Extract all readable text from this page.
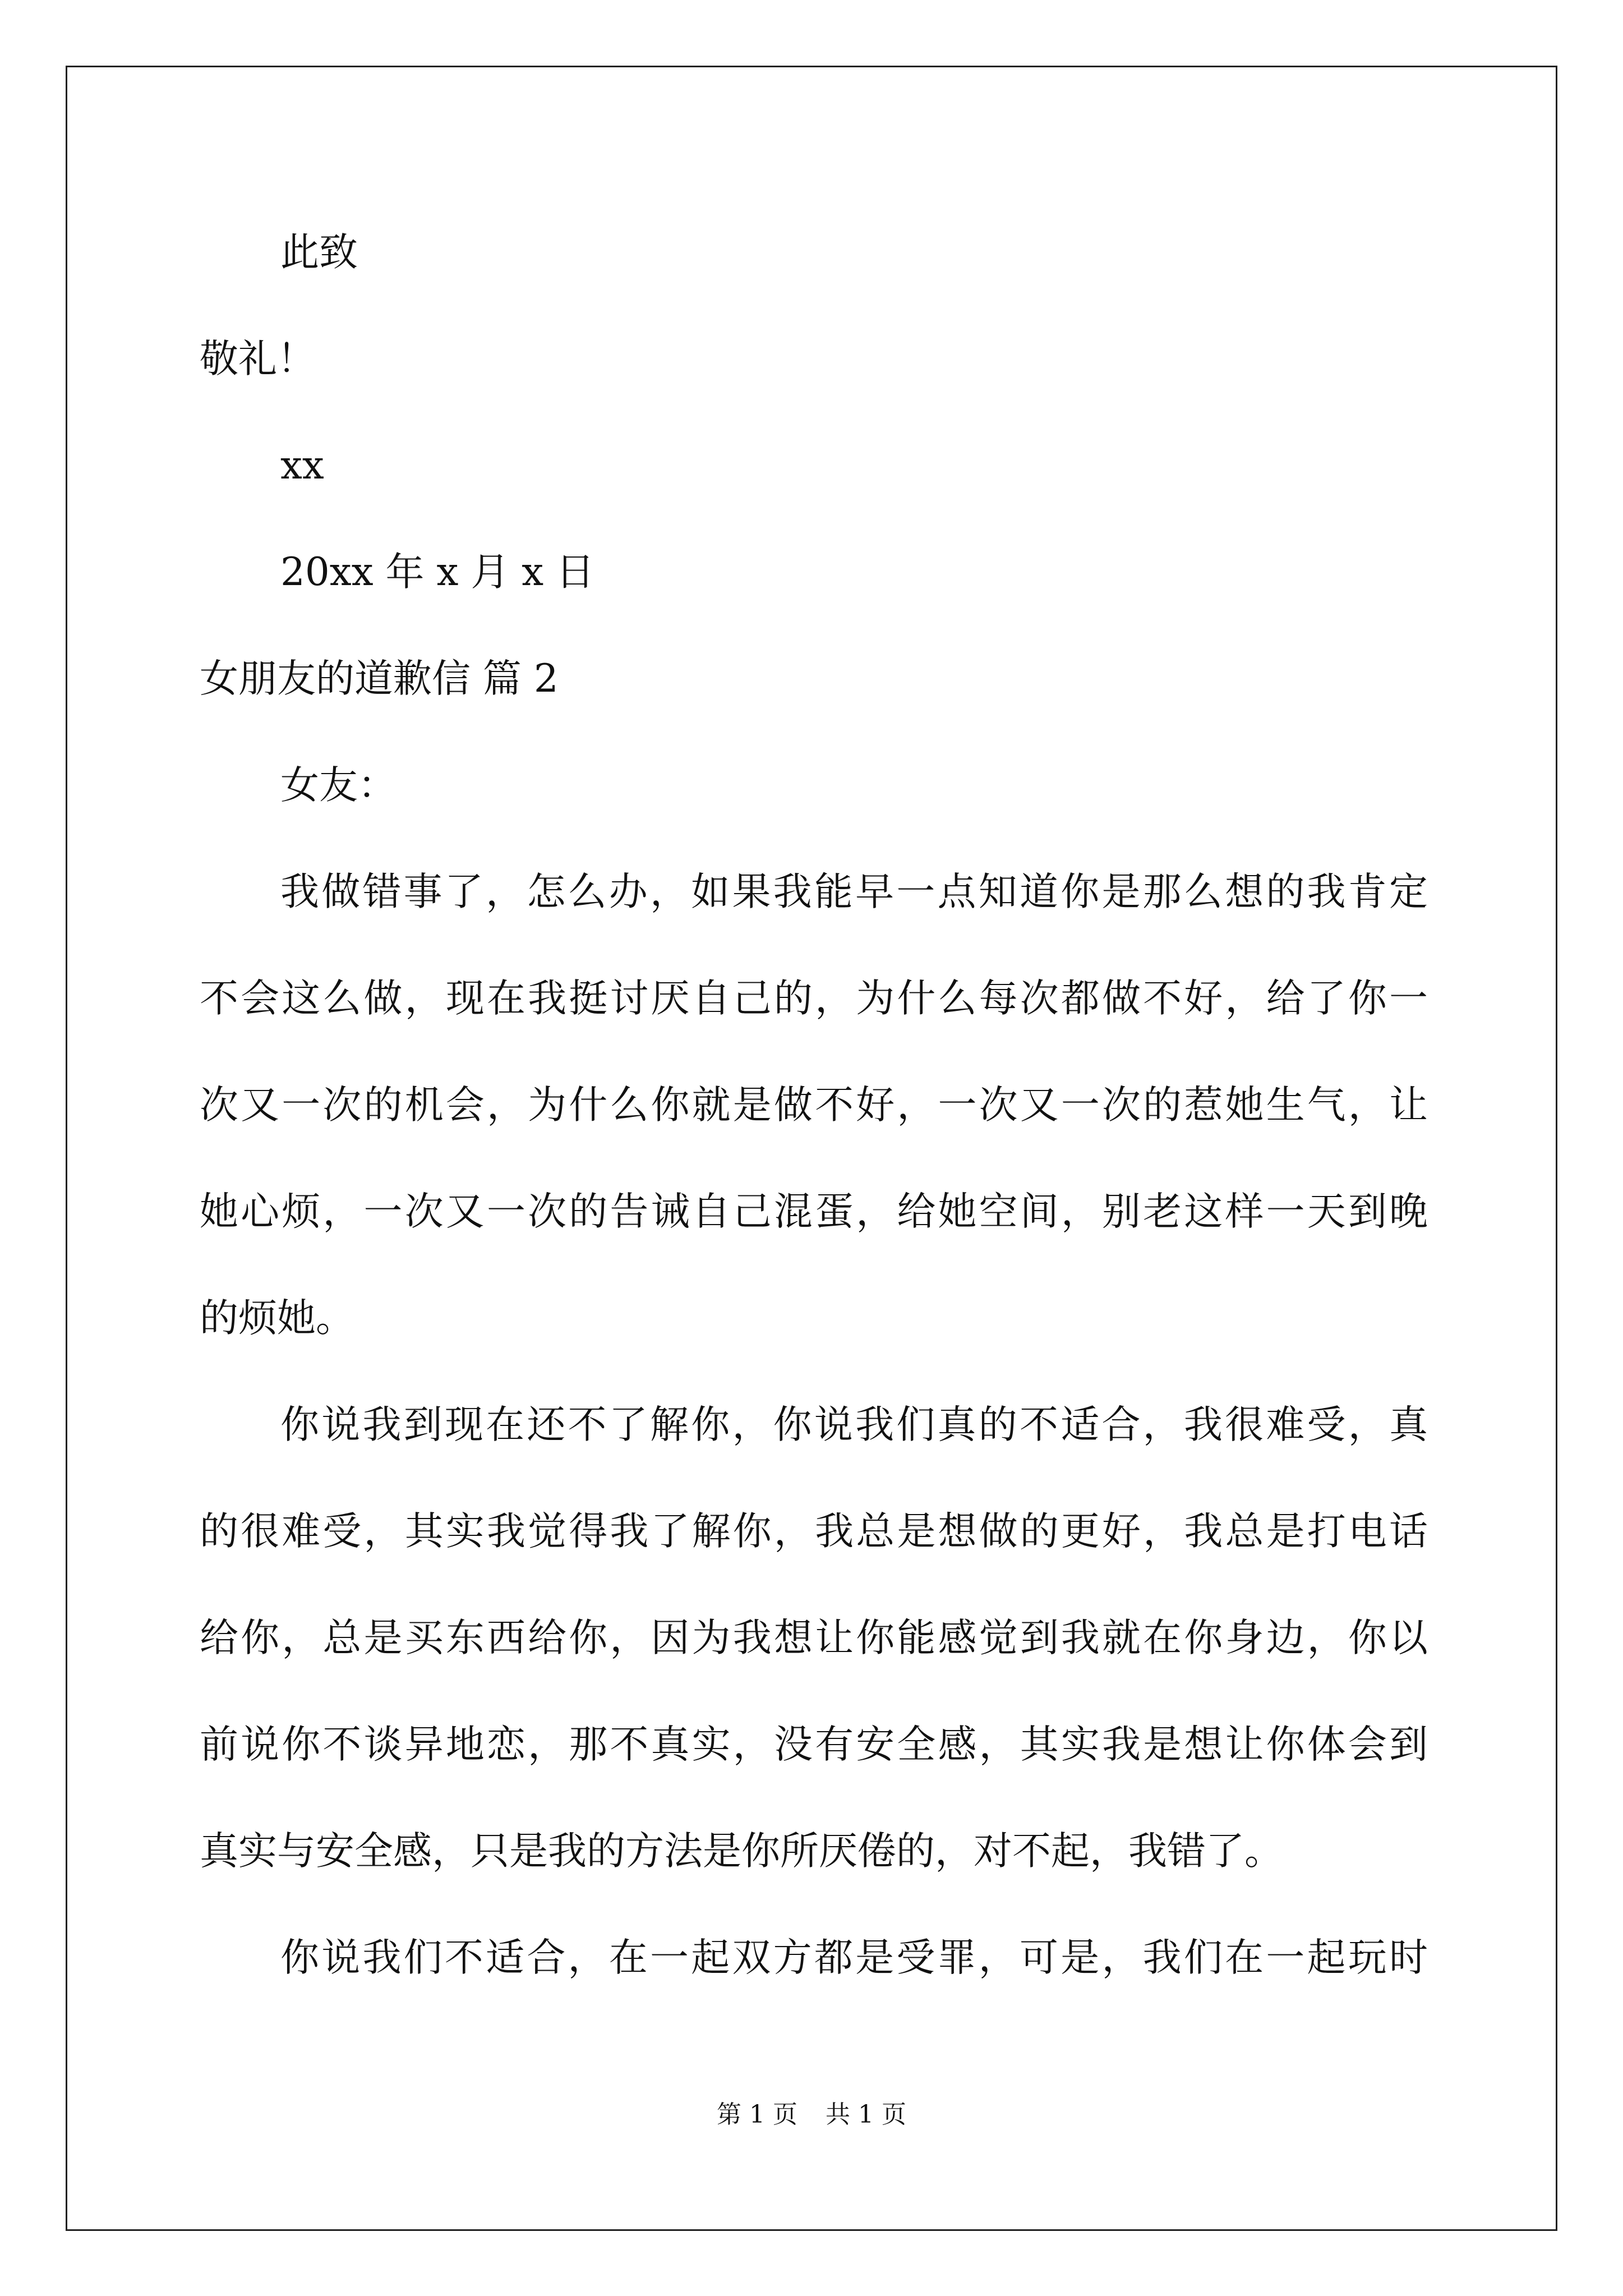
此致
敬礼！
xx
20xx 年 x 月 x 日
女朋友的道歉信 篇 2
女友：
我做错事了，怎么办，如果我能早一点知道你是那么想的我肯定
不会这么做，现在我挺讨厌自己的，为什么每次都做不好，给了你一
次又一次的机会，为什么你就是做不好，一次又一次的惹她生气，让
她心烦，一次又一次的告诫自己混蛋，给她空间，别老这样一天到晚
的烦她。
你说我到现在还不了解你，你说我们真的不适合，我很难受，真
的很难受，其实我觉得我了解你，我总是想做的更好，我总是打电话
给你，总是买东西给你，因为我想让你能感觉到我就在你身边，你以
前说你不谈异地恋，那不真实，没有安全感，其实我是想让你体会到
真实与安全感，只是我的方法是你所厌倦的，对不起，我错了。
你说我们不适合，在一起双方都是受罪，可是，我们在一起玩时
第 1 页 共 1 页
